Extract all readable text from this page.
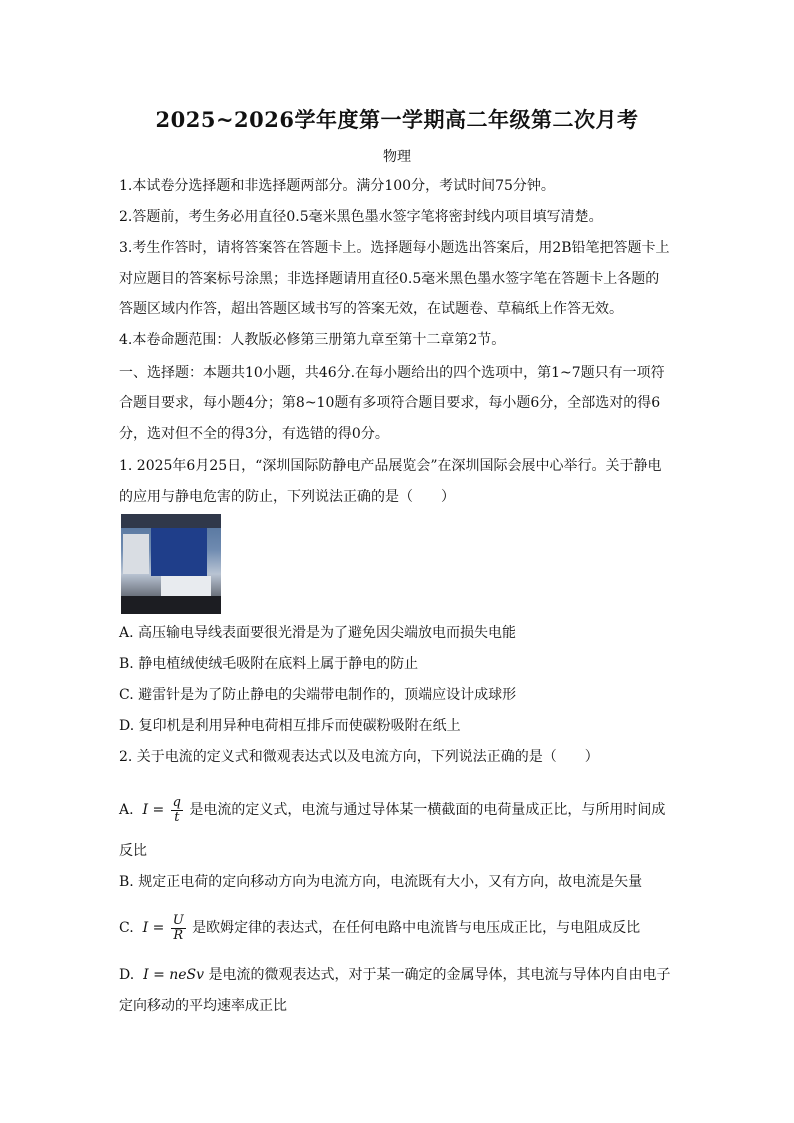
2025~2026学年度第一学期高二年级第二次月考
物理
1.本试卷分选择题和非选择题两部分。满分100分，考试时间75分钟。
2.答题前，考生务必用直径0.5毫米黑色墨水签字笔将密封线内项目填写清楚。
3.考生作答时，请将答案答在答题卡上。选择题每小题选出答案后，用2B铅笔把答题卡上
对应题目的答案标号涂黑；非选择题请用直径0.5毫米黑色墨水签字笔在答题卡上各题的
答题区域内作答，超出答题区域书写的答案无效，在试题卷、草稿纸上作答无效。
4.本卷命题范围：人教版必修第三册第九章至第十二章第2节。
一、选择题：本题共10小题，共46分.在每小题给出的四个选项中，第1~7题只有一项符
合题目要求，每小题4分；第8~10题有多项符合题目要求，每小题6分，全部选对的得6
分，选对但不全的得3分，有选错的得0分。
1. 2025年6月25日，“深圳国际防静电产品展览会”在深圳国际会展中心举行。关于静电
的应用与静电危害的防止，下列说法正确的是（　　）
A. 高压输电导线表面要很光滑是为了避免因尖端放电而损失电能
B. 静电植绒使绒毛吸附在底料上属于静电的防止
C. 避雷针是为了防止静电的尖端带电制作的，顶端应设计成球形
D. 复印机是利用异种电荷相互排斥而使碳粉吸附在纸上
2. 关于电流的定义式和微观表达式以及电流方向，下列说法正确的是（　　）
A. $I = \frac{q}{t}$ 是电流的定义式，电流与通过导体某一横截面的电荷量成正比，与所用时间成
反比
B. 规定正电荷的定向移动方向为电流方向，电流既有大小，又有方向，故电流是矢量
C. $I = \frac{U}{R}$ 是欧姆定律的表达式，在任何电路中电流皆与电压成正比，与电阻成反比
D. I = neSv 是电流的微观表达式，对于某一确定的金属导体，其电流与导体内自由电子
定向移动的平均速率成正比
